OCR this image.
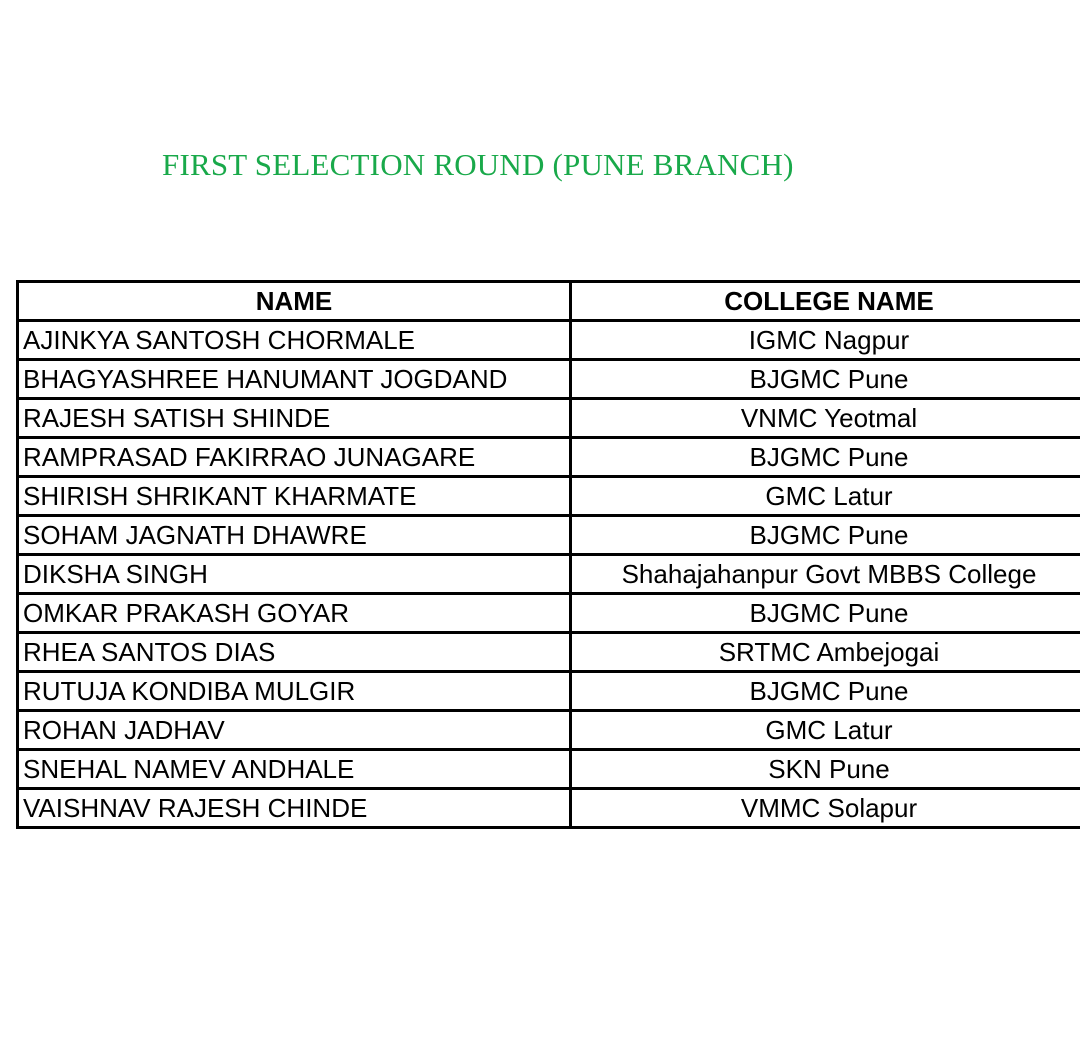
FIRST SELECTION ROUND (PUNE BRANCH)
NAME	COLLEGE NAME
AJINKYA SANTOSH CHORMALE	IGMC Nagpur
BHAGYASHREE HANUMANT JOGDAND	BJGMC Pune
RAJESH SATISH SHINDE	VNMC Yeotmal
RAMPRASAD FAKIRRAO JUNAGARE	BJGMC Pune
SHIRISH SHRIKANT KHARMATE	GMC Latur
SOHAM JAGNATH DHAWRE	BJGMC Pune
DIKSHA SINGH	Shahajahanpur Govt MBBS College
OMKAR PRAKASH GOYAR	BJGMC Pune
RHEA SANTOS DIAS	SRTMC Ambejogai
RUTUJA KONDIBA MULGIR	BJGMC Pune
ROHAN JADHAV	GMC Latur
SNEHAL NAMEV ANDHALE	SKN Pune
VAISHNAV RAJESH CHINDE	VMMC Solapur
